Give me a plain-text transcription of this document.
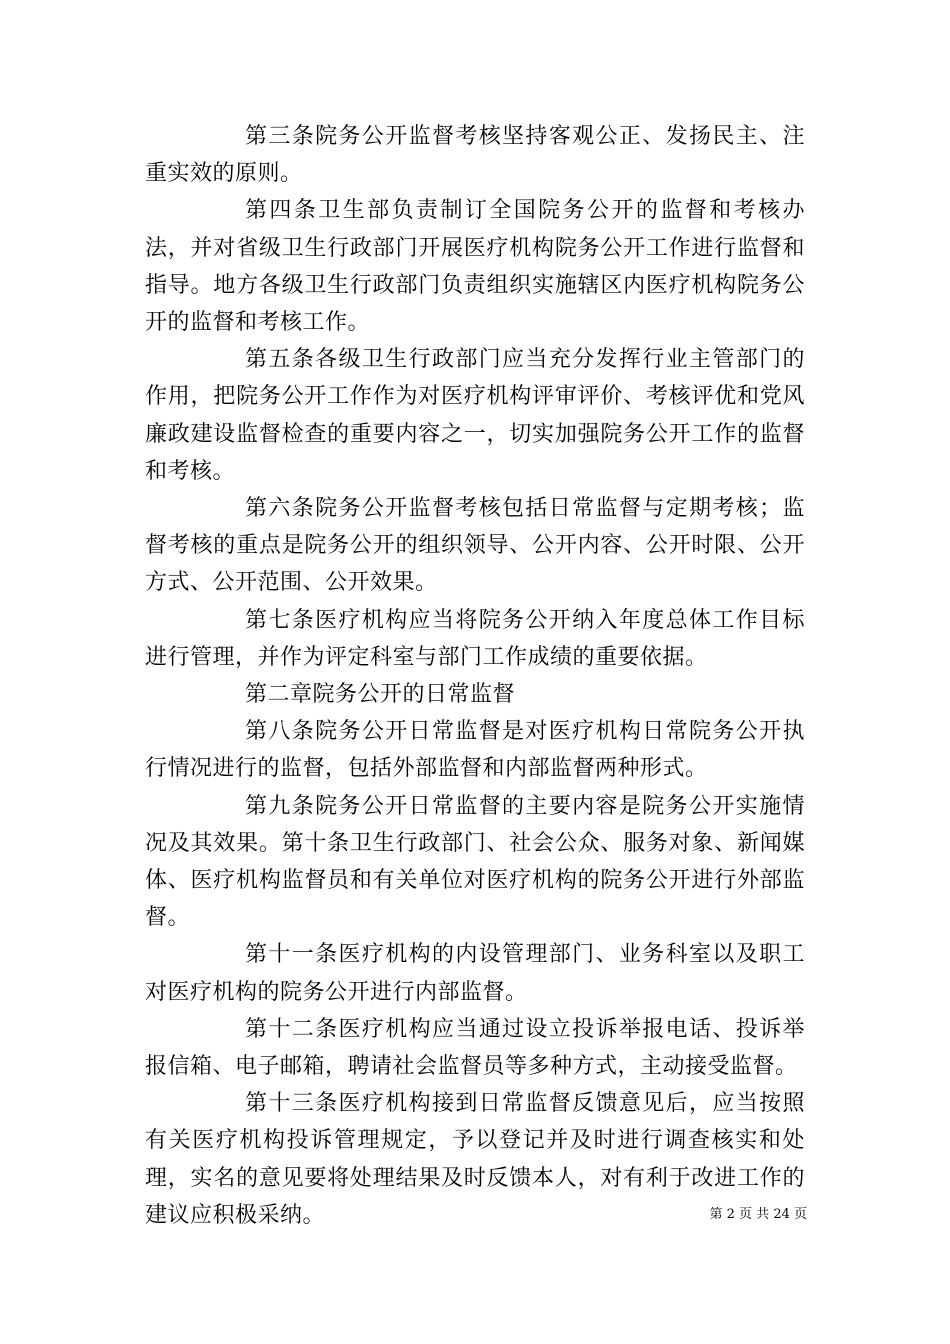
第三条院务公开监督考核坚持客观公正、发扬民主、注重实效的原则。

第四条卫生部负责制订全国院务公开的监督和考核办法，并对省级卫生行政部门开展医疗机构院务公开工作进行监督和指导。地方各级卫生行政部门负责组织实施辖区内医疗机构院务公开的监督和考核工作。

第五条各级卫生行政部门应当充分发挥行业主管部门的作用，把院务公开工作作为对医疗机构评审评价、考核评优和党风廉政建设监督检查的重要内容之一，切实加强院务公开工作的监督和考核。

第六条院务公开监督考核包括日常监督与定期考核；监督考核的重点是院务公开的组织领导、公开内容、公开时限、公开方式、公开范围、公开效果。

第七条医疗机构应当将院务公开纳入年度总体工作目标进行管理，并作为评定科室与部门工作成绩的重要依据。

第二章院务公开的日常监督

第八条院务公开日常监督是对医疗机构日常院务公开执行情况进行的监督，包括外部监督和内部监督两种形式。

第九条院务公开日常监督的主要内容是院务公开实施情况及其效果。第十条卫生行政部门、社会公众、服务对象、新闻媒体、医疗机构监督员和有关单位对医疗机构的院务公开进行外部监督。

第十一条医疗机构的内设管理部门、业务科室以及职工对医疗机构的院务公开进行内部监督。

第十二条医疗机构应当通过设立投诉举报电话、投诉举报信箱、电子邮箱，聘请社会监督员等多种方式，主动接受监督。

第十三条医疗机构接到日常监督反馈意见后，应当按照有关医疗机构投诉管理规定，予以登记并及时进行调查核实和处理，实名的意见要将处理结果及时反馈本人，对有利于改进工作的建议应积极采纳。	第 2 页 共 24 页
